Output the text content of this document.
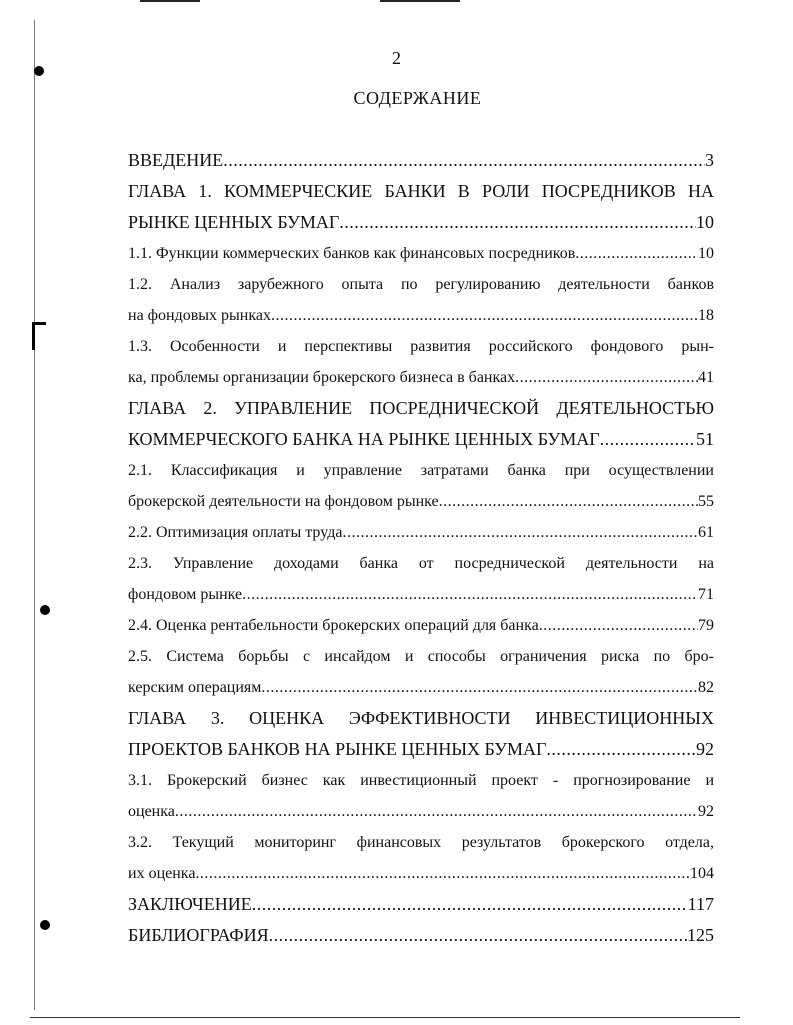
2
СОДЕРЖАНИЕ
ВВЕДЕНИЕ .....	3
ГЛАВА 1. КОММЕРЧЕСКИЕ БАНКИ В РОЛИ ПОСРЕДНИКОВ НА
РЫНКЕ ЦЕННЫХ БУМАГ .....	10
1.1. Функции коммерческих банков как финансовых посредников .....	10
1.2. Анализ зарубежного опыта по регулированию деятельности банков
на фондовых рынках .....	18
1.3. Особенности и перспективы развития российского фондового рын-
ка, проблемы организации брокерского бизнеса в банках .....	41
ГЛАВА 2. УПРАВЛЕНИЕ ПОСРЕДНИЧЕСКОЙ ДЕЯТЕЛЬНОСТЬЮ
КОММЕРЧЕСКОГО БАНКА НА РЫНКЕ ЦЕННЫХ БУМАГ .....	51
2.1. Классификация и управление затратами банка при осуществлении
брокерской деятельности на фондовом рынке .....	55
2.2. Оптимизация оплаты труда .....	61
2.3. Управление доходами банка от посреднической деятельности на
фондовом рынке .....	71
2.4. Оценка рентабельности брокерских операций для банка .....	79
2.5. Система борьбы с инсайдом и способы ограничения риска по бро-
керским операциям .....	82
ГЛАВА 3. ОЦЕНКА ЭФФЕКТИВНОСТИ ИНВЕСТИЦИОННЫХ
ПРОЕКТОВ БАНКОВ НА РЫНКЕ ЦЕННЫХ БУМАГ .....	92
3.1. Брокерский бизнес как инвестиционный проект - прогнозирование и
оценка .....	92
3.2. Текущий мониторинг финансовых результатов брокерского отдела,
их оценка .....	104
ЗАКЛЮЧЕНИЕ .....	117
БИБЛИОГРАФИЯ .....	125
